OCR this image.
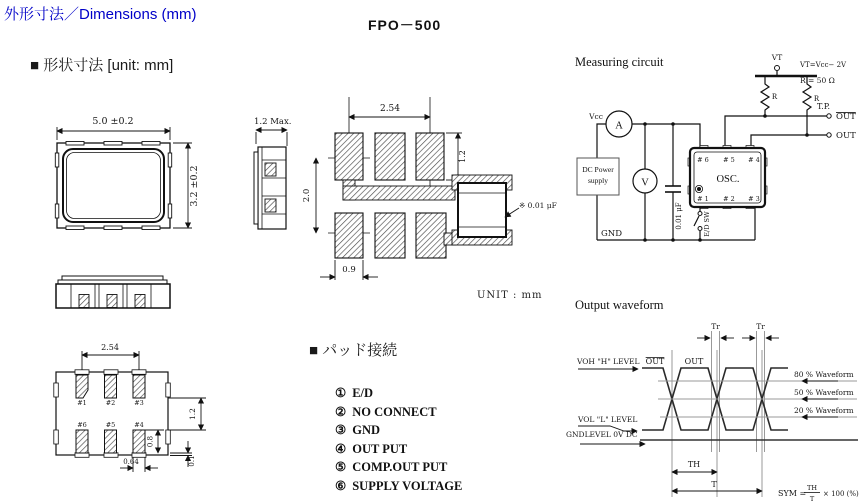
外形寸法／Dimensions (mm)
FPO－500
■ 形状寸法 [unit: mm]
UNIT : mm
■ パッド接続
① E/D
② NO CONNECT
③ GND
④ OUT PUT
⑤ COMP.OUT PUT
⑥ SUPPLY VOLTAGE
5.0 ±0.2
3.2 ±0.2
2.54
#1	#2	#3
#6	#5	#4
1.2
0.8
0.1
0.64
1.2 Max.
2.54
1.2
2.0
※ 0.01 μF
0.9
Measuring circuit
0.01 μF
VT
R	R
VT=Vcc− 2V
R = 50 Ω
T.P.
OUT
OUT
A
Vcc
V
DC Power
supply
GND
# 6 # 5 # 4
# 1 # 2 # 3
OSC.
E/D SW
Output waveform
Tr	Tr
VOH "H" LEVEL OUT	OUT
80 % Waveform
50 % Waveform
20 % Waveform
VOL "L" LEVEL
GNDLEVEL 0V DC
TH
T
SYM =
TH
T
× 100 (%)
